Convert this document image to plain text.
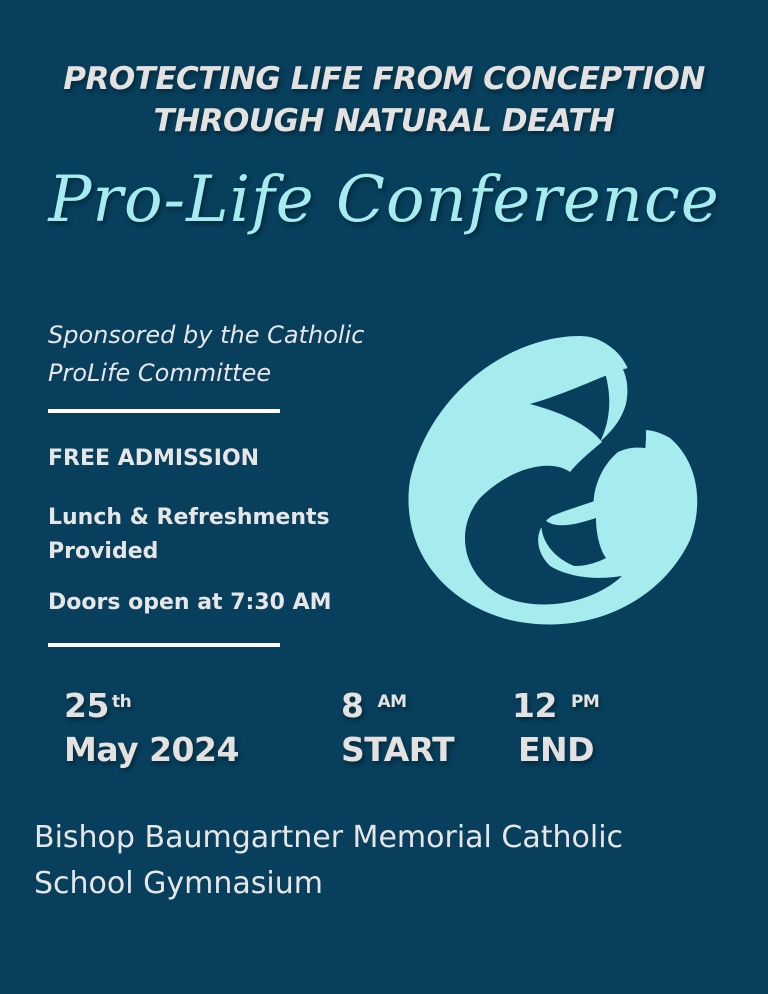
PROTECTING LIFE FROM CONCEPTION
THROUGH NATURAL DEATH
Pro-Life Conference
Sponsored by the Catholic
ProLife Committee
FREE ADMISSION
Lunch & Refreshments
Provided
Doors open at 7:30 AM
25 $^{th}$
May 2024
8 $^{AM}$
START
12 $^{PM}$
END
Bishop Baumgartner Memorial Catholic
School Gymnasium
